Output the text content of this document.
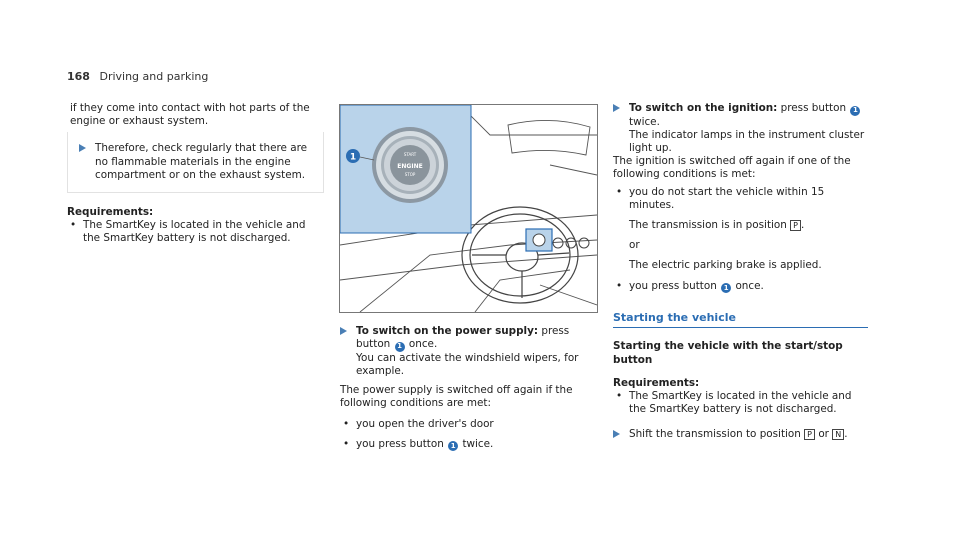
168 Driving and parking

if they come into contact with hot parts of the engine or exhaust system.

Therefore, check regularly that there are no flammable materials in the engine compartment or on the exhaust system.

Requirements:

• The SmartKey is located in the vehicle and the SmartKey battery is not discharged.

START
ENGINE
STOP
1

To switch on the power supply: press button 1 once.
You can activate the windshield wipers, for example.

The power supply is switched off again if the following conditions are met:

• you open the driver's door

• you press button 1 twice.

To switch on the ignition: press button 1
twice.
The indicator lamps in the instrument cluster light up.

The ignition is switched off again if one of the following conditions is met:

• you do not start the vehicle within 15 minutes.

The transmission is in position P .

or

The electric parking brake is applied.

• you press button 1 once.

Starting the vehicle

Starting the vehicle with the start/stop button

Requirements:

• The SmartKey is located in the vehicle and the SmartKey battery is not discharged.

Shift the transmission to position P or N .
